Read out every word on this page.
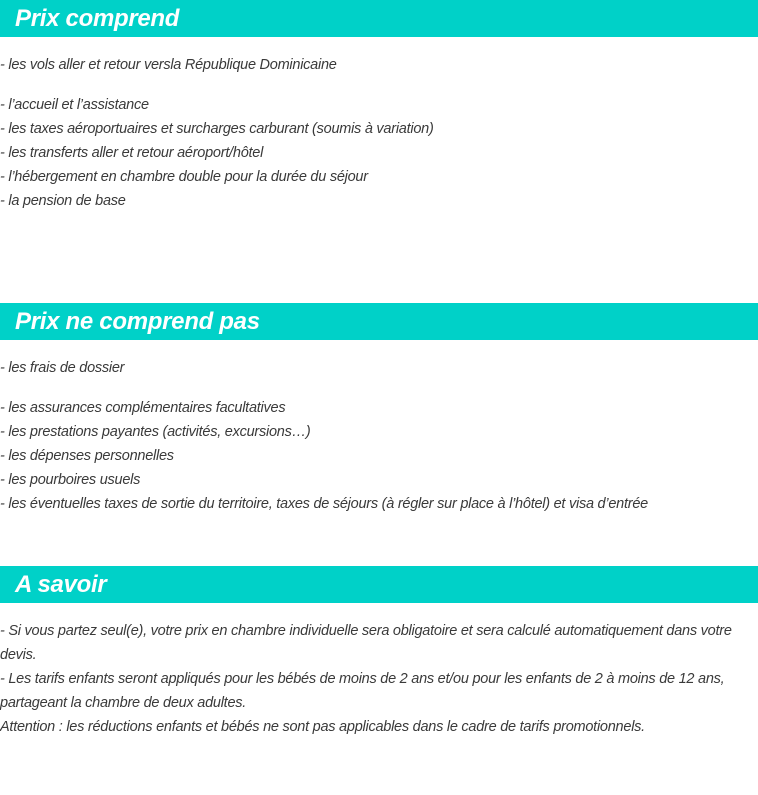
Prix comprend
- les vols aller et retour versla République Dominicaine
- l’accueil et l’assistance
- les taxes aéroportuaires et surcharges carburant (soumis à variation)
- les transferts aller et retour aéroport/hôtel
- l’hébergement en chambre double pour la durée du séjour
- la pension de base
Prix ne comprend pas
- les frais de dossier
- les assurances complémentaires facultatives
- les prestations payantes (activités, excursions…)
- les dépenses personnelles
- les pourboires usuels
- les éventuelles taxes de sortie du territoire, taxes de séjours (à régler sur place à l’hôtel) et visa d’entrée
A savoir
- Si vous partez seul(e), votre prix en chambre individuelle sera obligatoire et sera calculé automatiquement dans votre
devis.
- Les tarifs enfants seront appliqués pour les bébés de moins de 2 ans et/ou pour les enfants de 2 à moins de 12 ans,
partageant la chambre de deux adultes.
Attention : les réductions enfants et bébés ne sont pas applicables dans le cadre de tarifs promotionnels.
